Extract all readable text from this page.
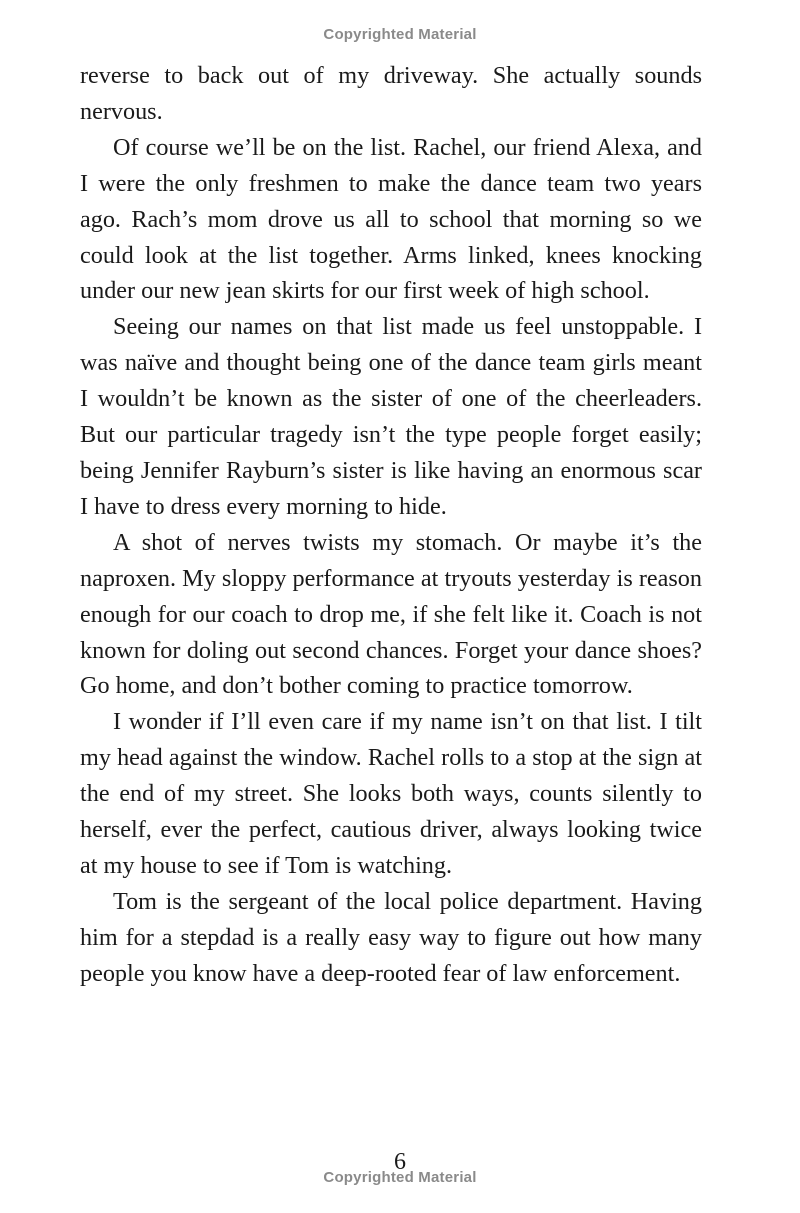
Copyrighted Material

reverse to back out of my driveway. She actually sounds nervous.

Of course we’ll be on the list. Rachel, our friend Alexa, and I were the only freshmen to make the dance team two years ago. Rach’s mom drove us all to school that morning so we could look at the list together. Arms linked, knees knocking under our new jean skirts for our first week of high school.

Seeing our names on that list made us feel unstoppable. I was naïve and thought being one of the dance team girls meant I wouldn’t be known as the sister of one of the cheerleaders. But our particular tragedy isn’t the type people forget easily; being Jennifer Rayburn’s sister is like having an enormous scar I have to dress every morning to hide.

A shot of nerves twists my stomach. Or maybe it’s the naproxen. My sloppy performance at tryouts yesterday is reason enough for our coach to drop me, if she felt like it. Coach is not known for doling out second chances. Forget your dance shoes? Go home, and don’t bother coming to practice tomorrow.

I wonder if I’ll even care if my name isn’t on that list. I tilt my head against the window. Rachel rolls to a stop at the sign at the end of my street. She looks both ways, counts silently to herself, ever the perfect, cautious driver, always looking twice at my house to see if Tom is watching.

Tom is the sergeant of the local police department. Having him for a stepdad is a really easy way to figure out how many people you know have a deep-rooted fear of law enforcement.

6
Copyrighted Material
